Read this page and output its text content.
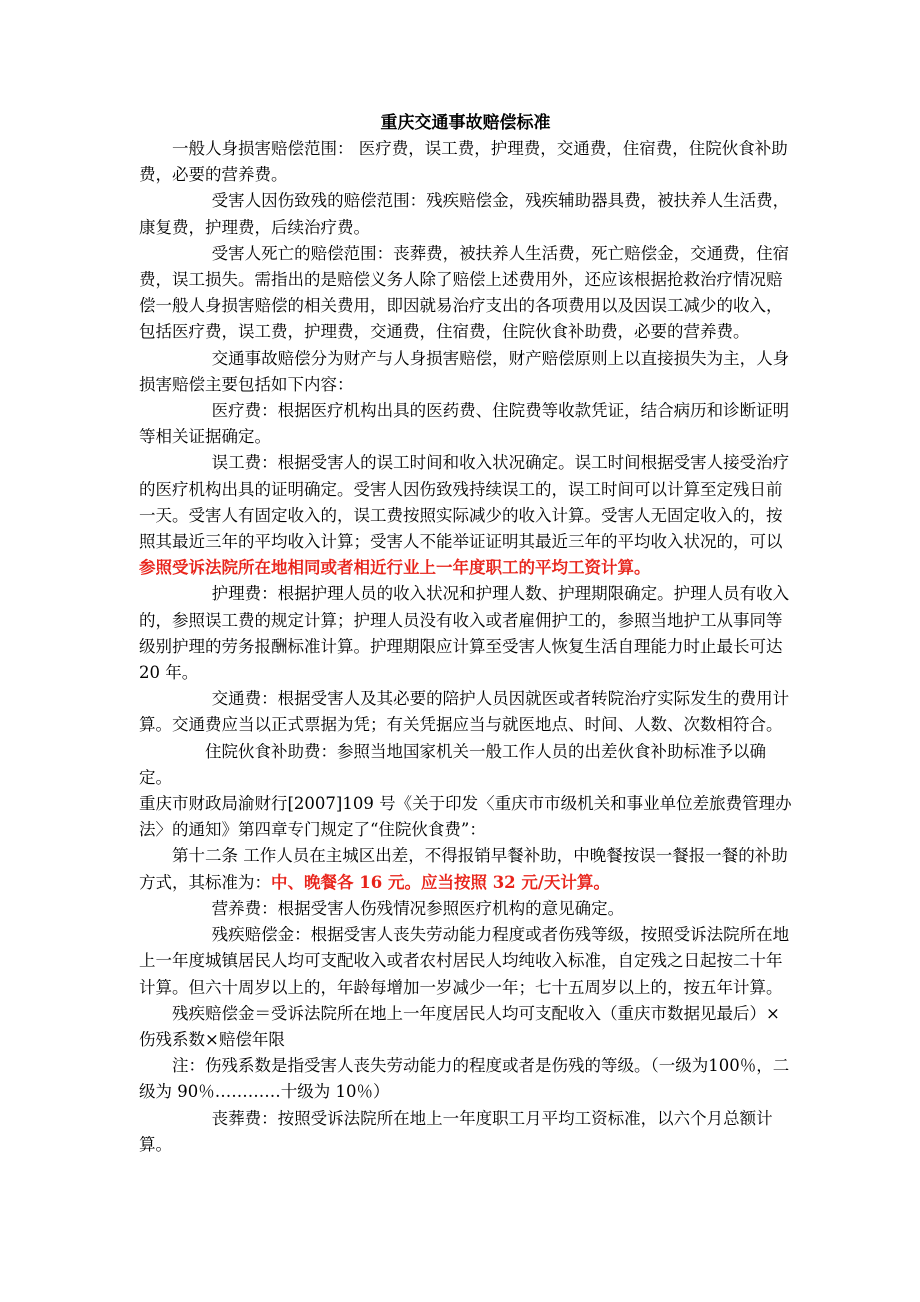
重庆交通事故赔偿标准

一般人身损害赔偿范围： 医疗费，误工费，护理费，交通费，住宿费，住院伙食补助费，必要的营养费。

受害人因伤致残的赔偿范围：残疾赔偿金，残疾辅助器具费，被扶养人生活费，康复费，护理费，后续治疗费。

受害人死亡的赔偿范围：丧葬费，被扶养人生活费，死亡赔偿金，交通费，住宿费，误工损失。需指出的是赔偿义务人除了赔偿上述费用外，还应该根据抢救治疗情况赔偿一般人身损害赔偿的相关费用，即因就易治疗支出的各项费用以及因误工减少的收入，包括医疗费，误工费，护理费，交通费，住宿费，住院伙食补助费，必要的营养费。

交通事故赔偿分为财产与人身损害赔偿，财产赔偿原则上以直接损失为主，人身损害赔偿主要包括如下内容：

医疗费：根据医疗机构出具的医药费、住院费等收款凭证，结合病历和诊断证明等相关证据确定。

误工费：根据受害人的误工时间和收入状况确定。误工时间根据受害人接受治疗的医疗机构出具的证明确定。受害人因伤致残持续误工的，误工时间可以计算至定残日前一天。受害人有固定收入的，误工费按照实际减少的收入计算。受害人无固定收入的，按照其最近三年的平均收入计算；受害人不能举证证明其最近三年的平均收入状况的，可以参照受诉法院所在地相同或者相近行业上一年度职工的平均工资计算。

护理费：根据护理人员的收入状况和护理人数、护理期限确定。护理人员有收入的，参照误工费的规定计算；护理人员没有收入或者雇佣护工的，参照当地护工从事同等级别护理的劳务报酬标准计算。护理期限应计算至受害人恢复生活自理能力时止最长可达 20 年。

交通费：根据受害人及其必要的陪护人员因就医或者转院治疗实际发生的费用计算。交通费应当以正式票据为凭；有关凭据应当与就医地点、时间、人数、次数相符合。

住院伙食补助费：参照当地国家机关一般工作人员的出差伙食补助标准予以确定。

重庆市财政局渝财行[2007]109 号《关于印发〈重庆市市级机关和事业单位差旅费管理办法〉的通知》第四章专门规定了“住院伙食费”：

第十二条 工作人员在主城区出差，不得报销早餐补助，中晚餐按误一餐报一餐的补助方式，其标准为：中、晚餐各 16 元。应当按照 32 元/天计算。

营养费：根据受害人伤残情况参照医疗机构的意见确定。

残疾赔偿金：根据受害人丧失劳动能力程度或者伤残等级，按照受诉法院所在地上一年度城镇居民人均可支配收入或者农村居民人均纯收入标准，自定残之日起按二十年计算。但六十周岁以上的，年龄每增加一岁减少一年；七十五周岁以上的，按五年计算。

残疾赔偿金＝受诉法院所在地上一年度居民人均可支配收入（重庆市数据见最后）×伤残系数×赔偿年限

注：伤残系数是指受害人丧失劳动能力的程度或者是伤残的等级。（一级为100％，二级为 90％…………十级为 10％）

丧葬费：按照受诉法院所在地上一年度职工月平均工资标准，以六个月总额计算。
